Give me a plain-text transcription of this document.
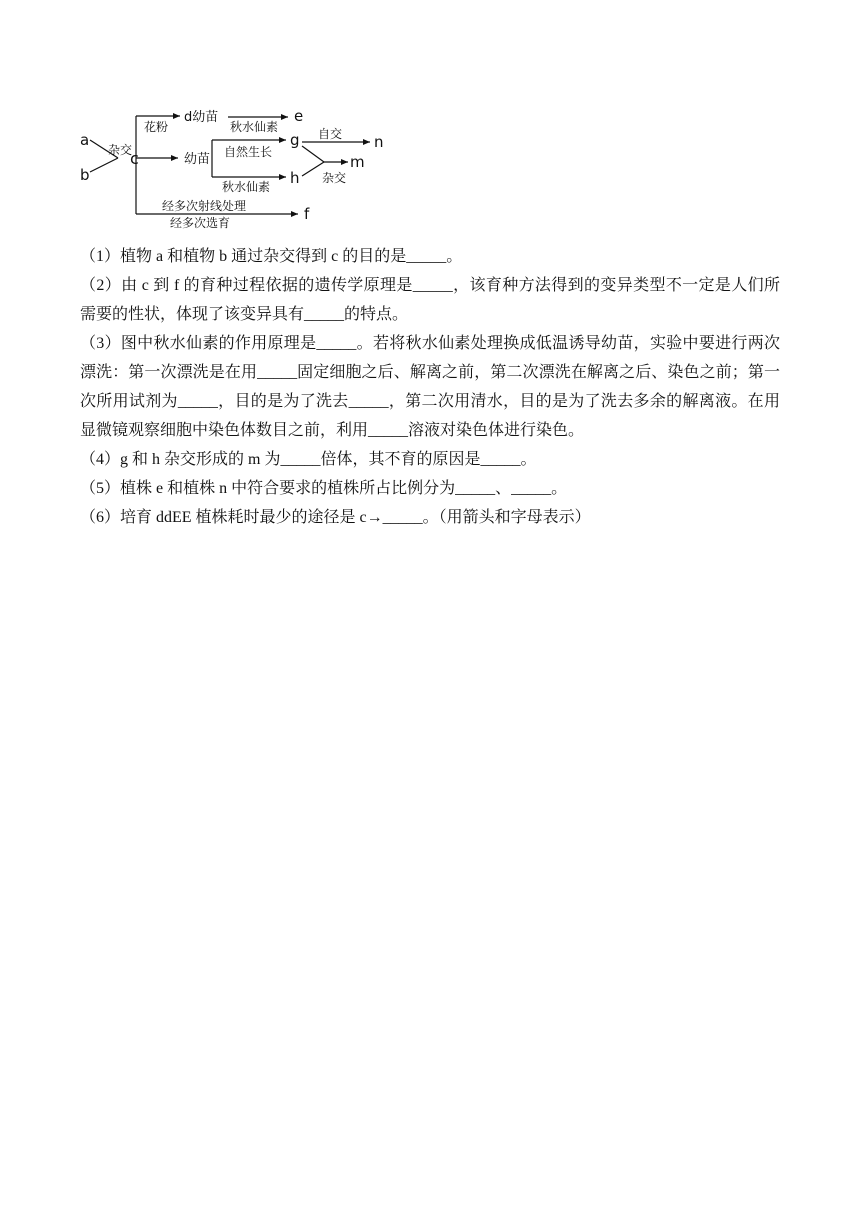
a
b
杂交
c
花粉
d幼苗
秋水仙素
e
幼苗 自然生长
秋水仙素
g
h
自交 n
杂交
m
经多次射线处理
经多次选育	f

（1）植物 a 和植物 b 通过杂交得到 c 的目的是_____。

（2）由 c 到 f 的育种过程依据的遗传学原理是_____，该育种方法得到的变异类型不一定是人们所需要的性状，体现了该变异具有_____的特点。

（3）图中秋水仙素的作用原理是_____。若将秋水仙素处理换成低温诱导幼苗，实验中要进行两次漂洗：第一次漂洗是在用_____固定细胞之后、解离之前，第二次漂洗在解离之后、染色之前；第一次所用试剂为_____，目的是为了洗去_____，第二次用清水，目的是为了洗去多余的解离液。在用显微镜观察细胞中染色体数目之前，利用_____溶液对染色体进行染色。

（4）g 和 h 杂交形成的 m 为_____倍体，其不育的原因是_____。

（5）植株 e 和植株 n 中符合要求的植株所占比例分为_____、_____。

（6）培育 ddEE 植株耗时最少的途径是 c→_____。（用箭头和字母表示）
